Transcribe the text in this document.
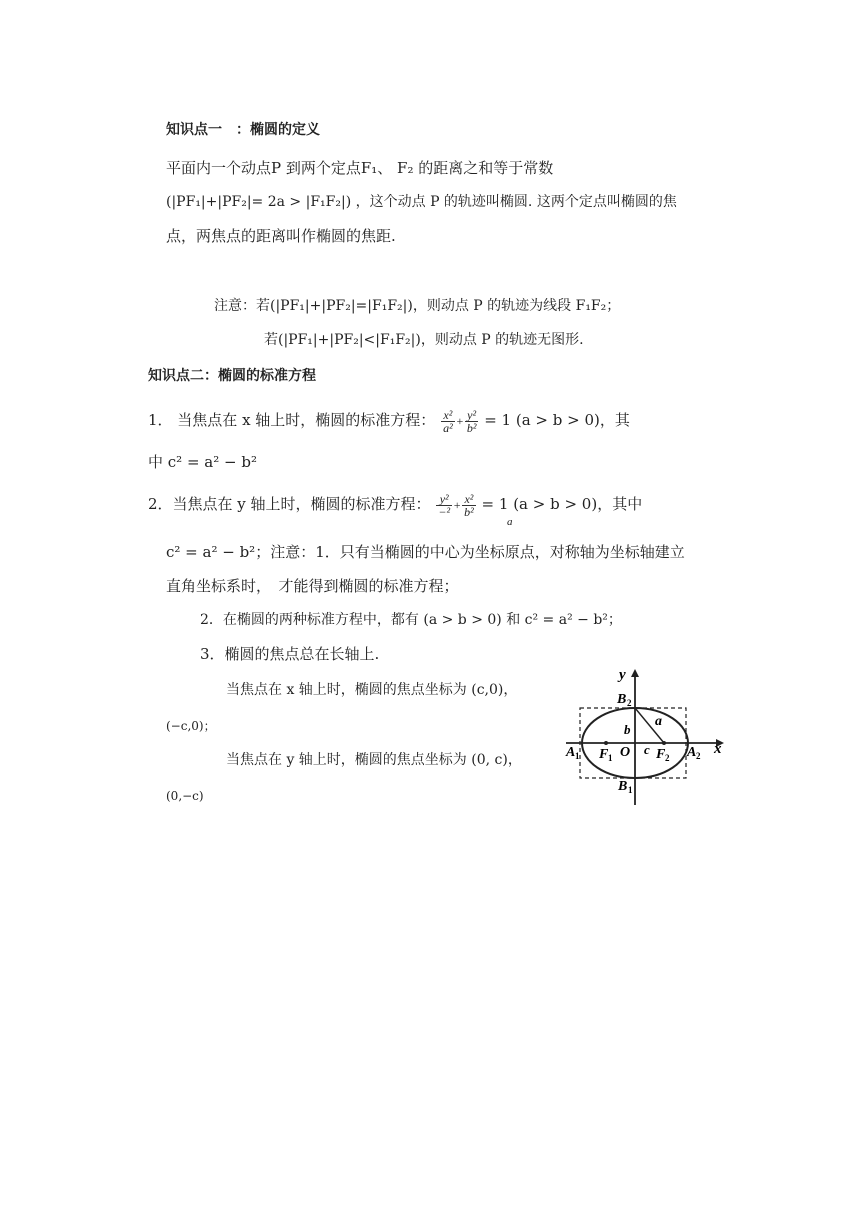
知识点一　：椭圆的定义
平面内一个动点P 到两个定点F₁、 F₂ 的距离之和等于常数
(|PF₁|+|PF₂|= 2a > |F₁F₂|) ，这个动点 P 的轨迹叫椭圆. 这两个定点叫椭圆的焦
点，两焦点的距离叫作椭圆的焦距.
注意：若(|PF₁|+|PF₂|=|F₁F₂|)，则动点 P 的轨迹为线段 F₁F₂；
若(|PF₁|+|PF₂|<|F₁F₂|)，则动点 P 的轨迹无图形.
知识点二：椭圆的标准方程
1． 当焦点在 x 轴上时，椭圆的标准方程： $\frac{\text{x²}}{\text{a²}} + \frac{\text{y²}}{\text{b²}} = 1$ (a > b > 0)，其
中 c² = a² − b²
2．当焦点在 y 轴上时，椭圆的标准方程： $\frac{\text{y²}}{\text{−²}} + \frac{\text{x²}}{\text{b²}} = 1$ (a > b > 0)，其中
a
c² = a² − b²；注意：1．只有当椭圆的中心为坐标原点，对称轴为坐标轴建立
直角坐标系时，　才能得到椭圆的标准方程；
2．在椭圆的两种标准方程中，都有 (a > b > 0) 和 c² = a² − b²；
3．椭圆的焦点总在长轴上.
当焦点在 x 轴上时，椭圆的焦点坐标为 (c,0)，
(−c,0)；
当焦点在 y 轴上时，椭圆的焦点坐标为 (0, c)，
(0,−c)
y
x
B 2
B 1
A 1	A 2
F 1	F 2
O c
b
a
